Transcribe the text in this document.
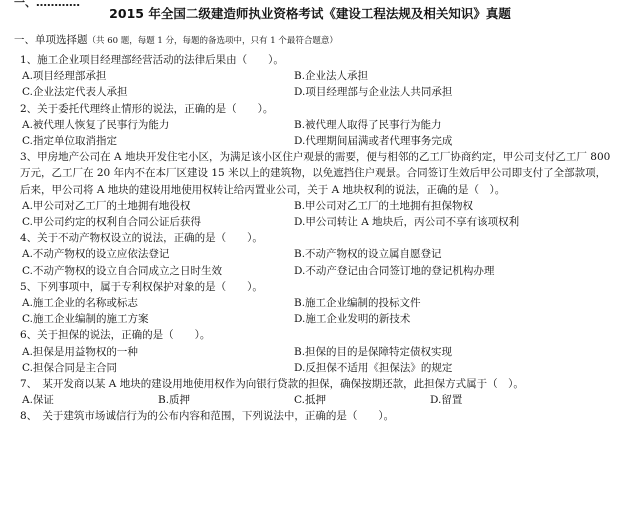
一、…………
2015 年全国二级建造师执业资格考试《建设工程法规及相关知识》真题
一、单项选择题（共 60 题，每题 1 分，每题的备选项中，只有 1 个最符合题意）
1、施工企业项目经理部经营活动的法律后果由（　　）。
A.项目经理部承担	B.企业法人承担
C.企业法定代表人承担	D.项目经理部与企业法人共同承担
2、关于委托代理终止情形的说法，正确的是（　　）。
A.被代理人恢复了民事行为能力	B.被代理人取得了民事行为能力
C.指定单位取消指定	D.代理期间届满或者代理事务完成
3、甲房地产公司在 A 地块开发住宅小区，为满足该小区住户观景的需要，便与相邻的乙工厂协商约定，甲公司支付乙工厂 800 万元，乙工厂在 20 年内不在本厂区建设 15 米以上的建筑物，以免遮挡住户观景。合同签订生效后甲公司即支付了全部款项，后来，甲公司将 A 地块的建设用地使用权转让给丙置业公司，关于 A 地块权利的说法，正确的是（　）。
A.甲公司对乙工厂的土地拥有地役权	B.甲公司对乙工厂的土地拥有担保物权
C.甲公司约定的权利自合同公证后获得	D.甲公司转让 A 地块后，丙公司不享有该项权利
4、关于不动产物权设立的说法，正确的是（　　）。
A.不动产物权的设立应依法登记	B.不动产物权的设立属自愿登记
C.不动产物权的设立自合同成立之日时生效	D.不动产登记由合同签订地的登记机构办理
5、下列事项中，属于专利权保护对象的是（　　）。
A.施工企业的名称或标志	B.施工企业编制的投标文件
C.施工企业编制的施工方案	D.施工企业发明的新技术
6、关于担保的说法，正确的是（　　）。
A.担保是用益物权的一种	B.担保的目的是保障特定债权实现
C.担保合同是主合同	D.反担保不适用《担保法》的规定
7、　某开发商以某 A 地块的建设用地使用权作为向银行贷款的担保，确保按期还款，此担保方式属于（　）。
A.保证	B.质押	C.抵押	D.留置
8、　关于建筑市场诚信行为的公布内容和范围，下列说法中，正确的是（　　）。
